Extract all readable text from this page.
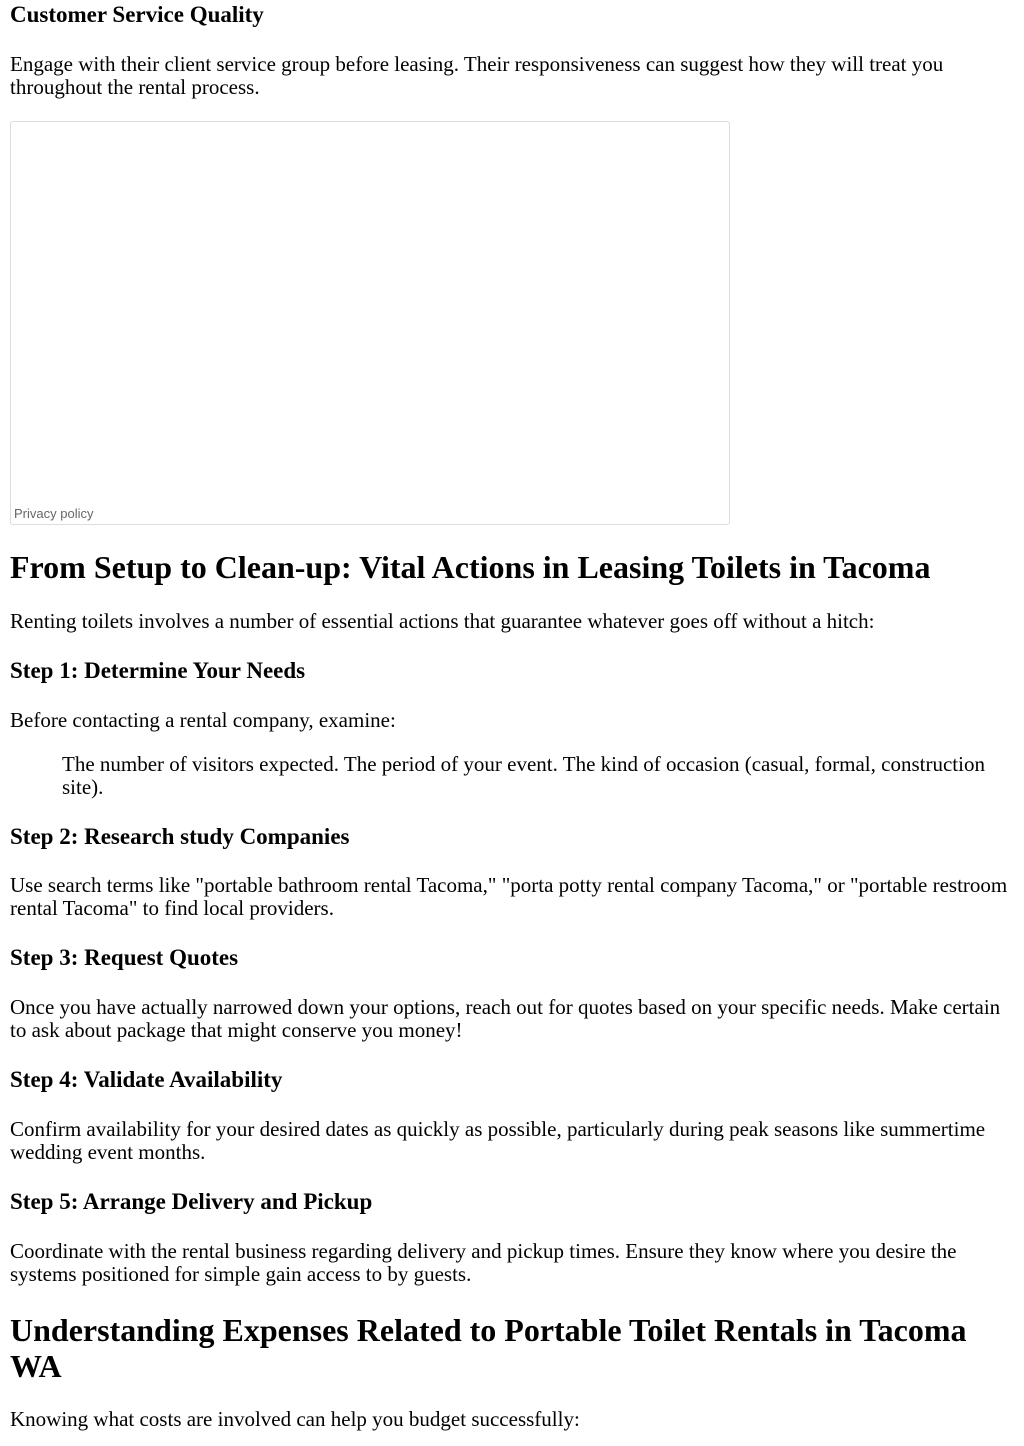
Customer Service Quality

Engage with their client service group before leasing. Their responsiveness can suggest how they will treat you throughout the rental process.

Privacy policy
From Setup to Clean-up: Vital Actions in Leasing Toilets in Tacoma

Renting toilets involves a number of essential actions that guarantee whatever goes off without a hitch:

Step 1: Determine Your Needs

Before contacting a rental company, examine:

The number of visitors expected. The period of your event. The kind of occasion (casual, formal, construction site).

Step 2: Research study Companies

Use search terms like "portable bathroom rental Tacoma," "porta potty rental company Tacoma," or "portable restroom rental Tacoma" to find local providers.

Step 3: Request Quotes

Once you have actually narrowed down your options, reach out for quotes based on your specific needs. Make certain to ask about package that might conserve you money!

Step 4: Validate Availability

Confirm availability for your desired dates as quickly as possible, particularly during peak seasons like summertime wedding event months.

Step 5: Arrange Delivery and Pickup

Coordinate with the rental business regarding delivery and pickup times. Ensure they know where you desire the systems positioned for simple gain access to by guests.

Understanding Expenses Related to Portable Toilet Rentals in Tacoma WA

Knowing what costs are involved can help you budget successfully:
